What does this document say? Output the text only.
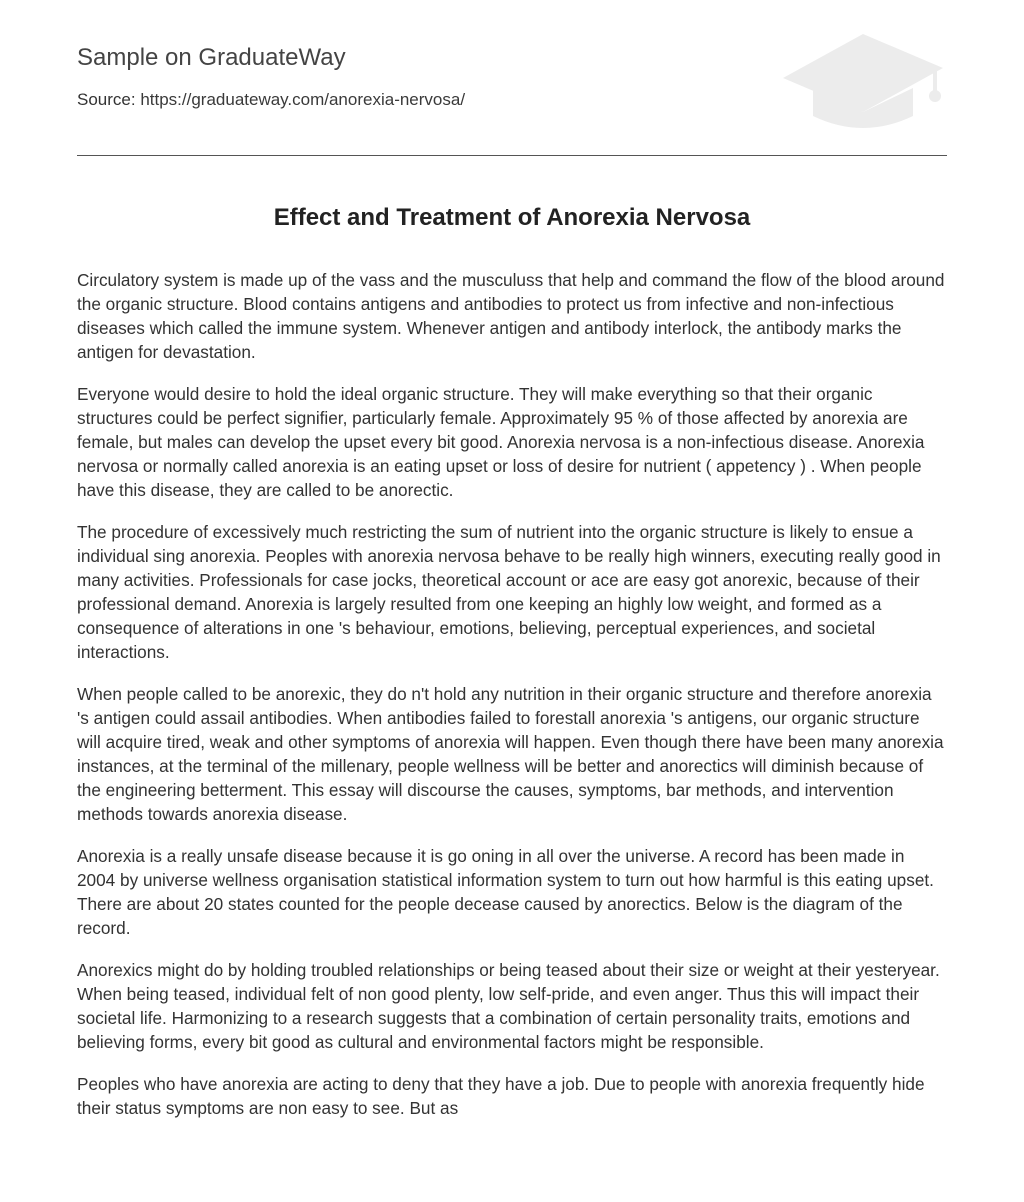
Sample on GraduateWay
Source: https://graduateway.com/anorexia-nervosa/
Effect and Treatment of Anorexia Nervosa

Circulatory system is made up of the vass and the musculuss that help and command the flow of the blood around the organic structure. Blood contains antigens and antibodies to protect us from infective and non-infectious diseases which called the immune system. Whenever antigen and antibody interlock, the antibody marks the antigen for devastation.

Everyone would desire to hold the ideal organic structure. They will make everything so that their organic structures could be perfect signifier, particularly female. Approximately 95 % of those affected by anorexia are female, but males can develop the upset every bit good. Anorexia nervosa is a non-infectious disease. Anorexia nervosa or normally called anorexia is an eating upset or loss of desire for nutrient ( appetency ) . When people have this disease, they are called to be anorectic.

The procedure of excessively much restricting the sum of nutrient into the organic structure is likely to ensue a individual sing anorexia. Peoples with anorexia nervosa behave to be really high winners, executing really good in many activities. Professionals for case jocks, theoretical account or ace are easy got anorexic, because of their professional demand. Anorexia is largely resulted from one keeping an highly low weight, and formed as a consequence of alterations in one 's behaviour, emotions, believing, perceptual experiences, and societal interactions.

When people called to be anorexic, they do n't hold any nutrition in their organic structure and therefore anorexia 's antigen could assail antibodies. When antibodies failed to forestall anorexia 's antigens, our organic structure will acquire tired, weak and other symptoms of anorexia will happen. Even though there have been many anorexia instances, at the terminal of the millenary, people wellness will be better and anorectics will diminish because of the engineering betterment. This essay will discourse the causes, symptoms, bar methods, and intervention methods towards anorexia disease.

Anorexia is a really unsafe disease because it is go oning in all over the universe. A record has been made in 2004 by universe wellness organisation statistical information system to turn out how harmful is this eating upset. There are about 20 states counted for the people decease caused by anorectics. Below is the diagram of the record.

Anorexics might do by holding troubled relationships or being teased about their size or weight at their yesteryear. When being teased, individual felt of non good plenty, low self-pride, and even anger. Thus this will impact their societal life. Harmonizing to a research suggests that a combination of certain personality traits, emotions and believing forms, every bit good as cultural and environmental factors might be responsible.

Peoples who have anorexia are acting to deny that they have a job. Due to people with anorexia frequently hide their status symptoms are non easy to see. But as
